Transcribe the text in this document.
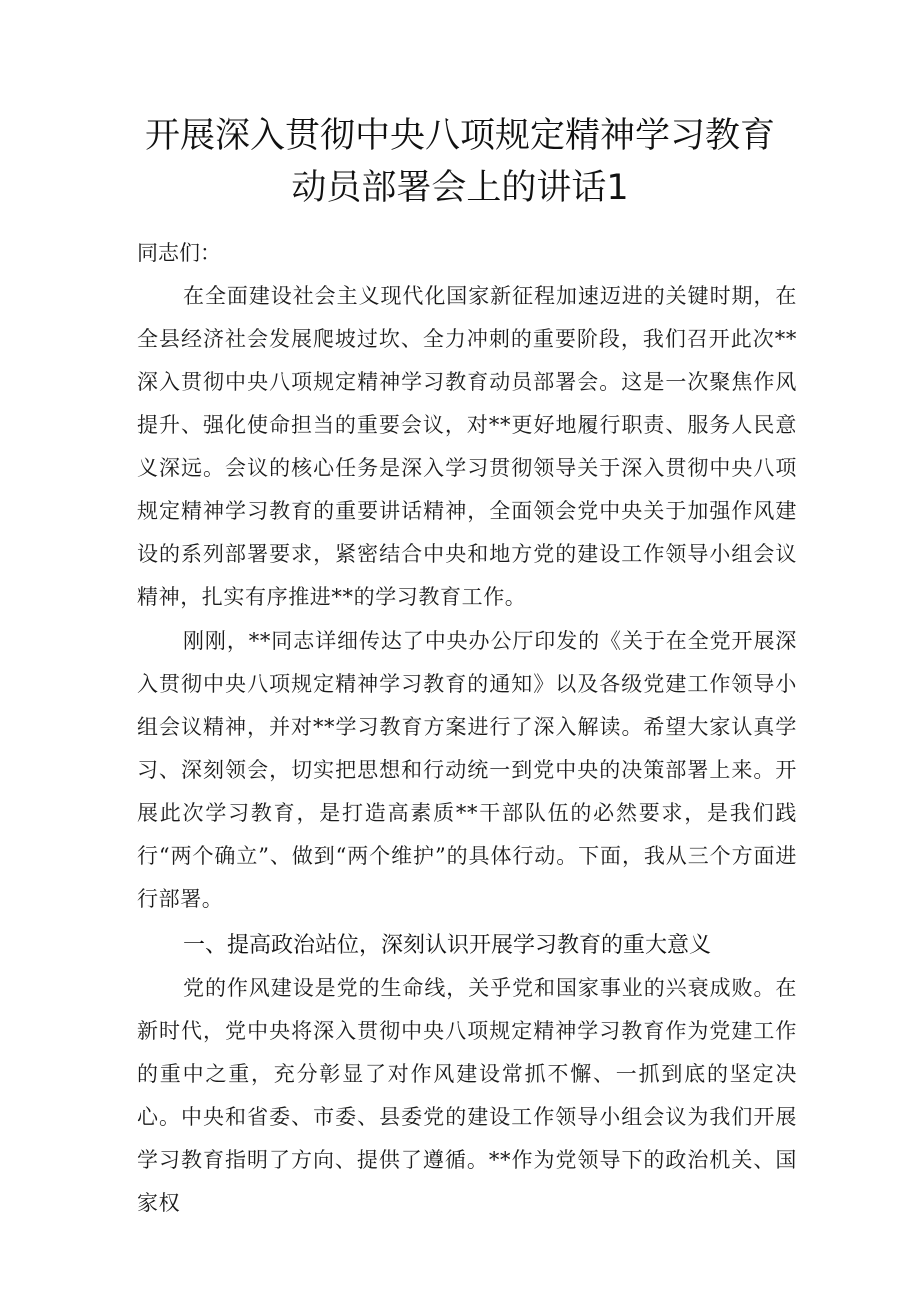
开展深入贯彻中央八项规定精神学习教育
动员部署会上的讲话1
同志们：

在全面建设社会主义现代化国家新征程加速迈进的关键时期，在全县经济社会发展爬坡过坎、全力冲刺的重要阶段，我们召开此次**深入贯彻中央八项规定精神学习教育动员部署会。这是一次聚焦作风提升、强化使命担当的重要会议，对**更好地履行职责、服务人民意义深远。会议的核心任务是深入学习贯彻领导关于深入贯彻中央八项规定精神学习教育的重要讲话精神，全面领会党中央关于加强作风建设的系列部署要求，紧密结合中央和地方党的建设工作领导小组会议精神，扎实有序推进**的学习教育工作。

刚刚，**同志详细传达了中央办公厅印发的《关于在全党开展深入贯彻中央八项规定精神学习教育的通知》以及各级党建工作领导小组会议精神，并对**学习教育方案进行了深入解读。希望大家认真学习、深刻领会，切实把思想和行动统一到党中央的决策部署上来。开展此次学习教育，是打造高素质**干部队伍的必然要求，是我们践行“两个确立”、做到“两个维护”的具体行动。下面，我从三个方面进行部署。

一、提高政治站位，深刻认识开展学习教育的重大意义

党的作风建设是党的生命线，关乎党和国家事业的兴衰成败。在新时代，党中央将深入贯彻中央八项规定精神学习教育作为党建工作的重中之重，充分彰显了对作风建设常抓不懈、一抓到底的坚定决心。中央和省委、市委、县委党的建设工作领导小组会议为我们开展学习教育指明了方向、提供了遵循。**作为党领导下的政治机关、国家权
